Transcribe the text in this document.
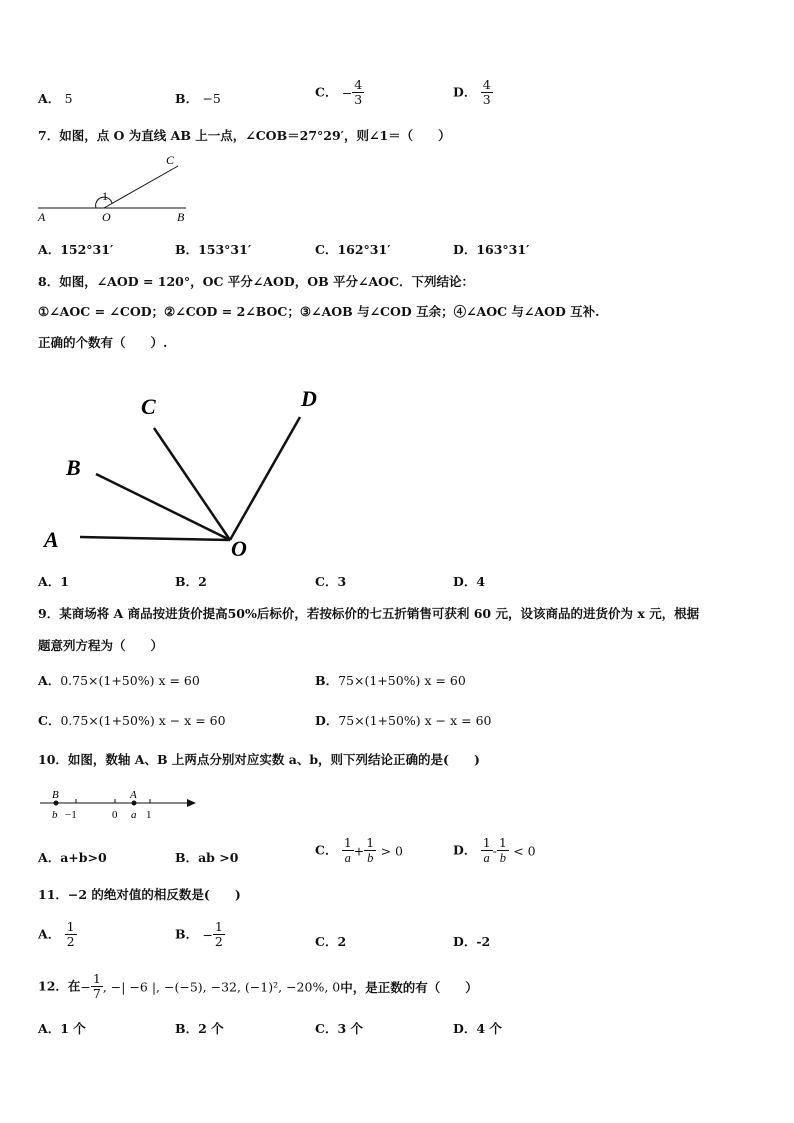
A． 5	B． −5	C． − $\frac{4}{3}$	D． $\frac{4}{3}$
7．如图，点 O 为直线 AB 上一点，∠COB＝27°29′，则∠1＝（　　）
C
1
A	O	B
A．152°31′	B．153°31′	C．162°31′	D．163°31′
8．如图，∠AOD = 120°，OC 平分∠AOD，OB 平分∠AOC．下列结论：
①∠AOC = ∠COD；②∠COD = 2∠BOC；③∠AOB 与∠COD 互余；④∠AOC 与∠AOD 互补.
正确的个数有（　　）.
A
B
C	D
O
A．1	B．2	C．3	D．4
9．某商场将 A 商品按进货价提高50%后标价，若按标价的七五折销售可获利 60 元，设该商品的进货价为 x 元，根据
题意列方程为（　　）
A．0.75×(1+50%) x = 60	B．75×(1+50%) x = 60
C．0.75×(1+50%) x − x = 60	D．75×(1+50%) x − x = 60
10．如图，数轴 A、B 上两点分别对应实数 a、b，则下列结论正确的是(　　)
B	A
b −1	0 a 1
A．a+b>0	B．ab >0
C． $\frac{1}{a} + \frac{1}{b} > 0$	D． $\frac{1}{a} - \frac{1}{b} < 0$
11．−2 的绝对值的相反数是(　　)
A． $\frac{1}{2}$	B． − $\frac{1}{2}$	C．2	D．-2
12．在− $\frac{1}{7}$ , −| −6 |, −(−5), −32, (−1)², −20%, 0中，是正数的有（　　）
A．1 个	B．2 个	C．3 个	D．4 个
